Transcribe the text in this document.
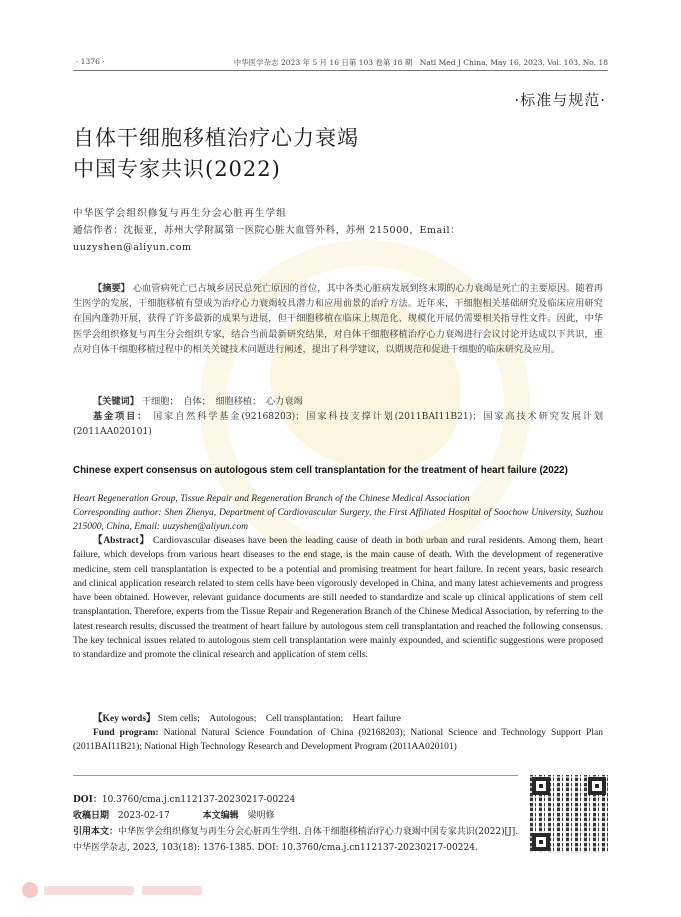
· 1376 ·	中华医学杂志 2023 年 5 月 16 日第 103 卷第 18 期　Natl Med J China, May 16, 2023, Vol. 103, No. 18
·标准与规范·
自体干细胞移植治疗心力衰竭
中国专家共识(2022)
中华医学会组织修复与再生分会心脏再生学组
通信作者：沈振亚，苏州大学附属第一医院心脏大血管外科，苏州 215000，Email：
uuzyshen@aliyun.com
【摘要】 心血管病死亡已占城乡居民总死亡原因的首位，其中各类心脏病发展到终末期的心力衰竭是死亡的主要原因。随着再生医学的发展，干细胞移植有望成为治疗心力衰竭较具潜力和应用前景的治疗方法。近年来，干细胞相关基础研究及临床应用研究在国内蓬勃开展，获得了许多最新的成果与进展，但干细胞移植在临床上规范化、规模化开展仍需要相关指导性文件。因此，中华医学会组织修复与再生分会组织专家，结合当前最新研究结果，对自体干细胞移植治疗心力衰竭进行会议讨论并达成以下共识，重点对自体干细胞移植过程中的相关关键技术问题进行阐述，提出了科学建议，以期规范和促进干细胞的临床研究及应用。
【关键词】 干细胞；　自体；　细胞移植；　心力衰竭
基金项目： 国家自然科学基金(92168203)；国家科技支撑计划(2011BAI11B21)；国家高技术研究发展计划(2011AA020101)
Chinese expert consensus on autologous stem cell transplantation for the treatment of heart failure (2022)
Heart Regeneration Group, Tissue Repair and Regeneration Branch of the Chinese Medical Association
Corresponding author: Shen Zhenya, Department of Cardiovascular Surgery, the First Affiliated Hospital of Soochow University, Suzhou 215000, China, Email: uuzyshen@aliyun.com
【Abstract】 Cardiovascular diseases have been the leading cause of death in both urban and rural residents. Among them, heart failure, which develops from various heart diseases to the end stage, is the main cause of death. With the development of regenerative medicine, stem cell transplantation is expected to be a potential and promising treatment for heart failure. In recent years, basic research and clinical application research related to stem cells have been vigorously developed in China, and many latest achievements and progress have been obtained. However, relevant guidance documents are still needed to standardize and scale up clinical applications of stem cell transplantation. Therefore, experts from the Tissue Repair and Regeneration Branch of the Chinese Medical Association, by referring to the latest research results, discussed the treatment of heart failure by autologous stem cell transplantation and reached the following consensus. The key technical issues related to autologous stem cell transplantation were mainly expounded, and scientific suggestions were proposed to standardize and promote the clinical research and application of stem cells.
【Key words】 Stem cells;　Autologous;　Cell transplantation;　Heart failure
Fund program: National Natural Science Foundation of China (92168203); National Science and Technology Support Plan (2011BAI11B21); National High Technology Research and Development Program (2011AA020101)
DOI：10.3760/cma.j.cn112137-20230217-00224
收稿日期 2023-02-17	本文编辑 梁明修
引用本文：中华医学会组织修复与再生分会心脏再生学组. 自体干细胞移植治疗心力衰竭中国专家共识(2022)[J]. 中华医学杂志, 2023, 103(18): 1376-1385. DOI: 10.3760/cma.j.cn112137-20230217-00224.
